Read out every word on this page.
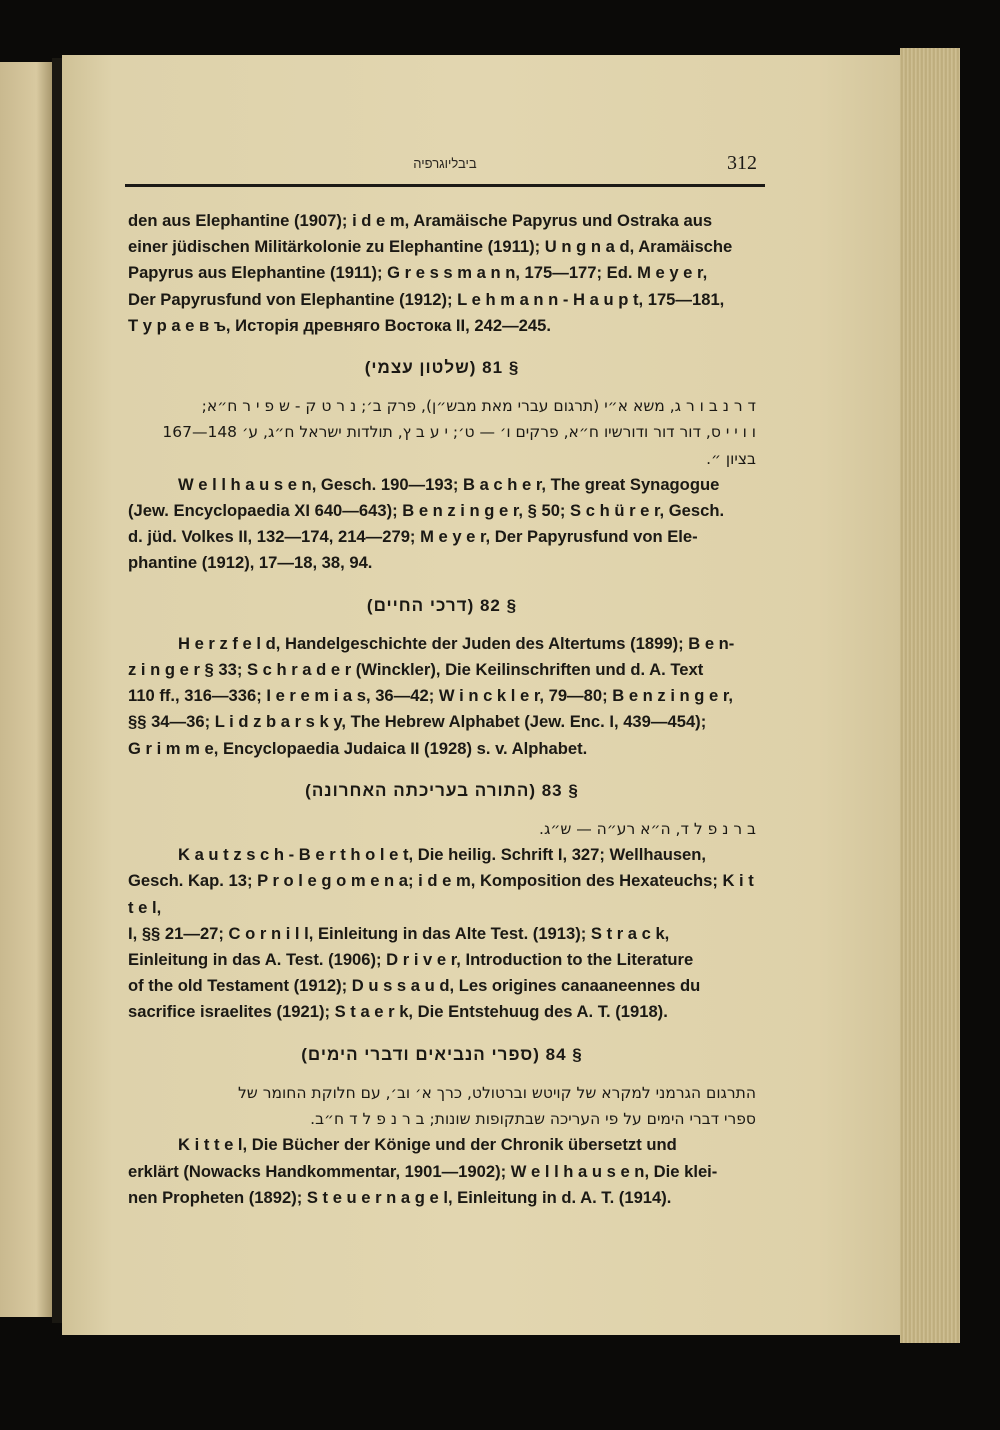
ביבליוגרפיה	312
den aus Elephantine (1907); i d e m, Aramäische Papyrus und Ostraka aus
einer jüdischen Militärkolonie zu Elephantine (1911); U n g n a d, Aramäische
Papyrus aus Elephantine (1911); G r e s s m a n n, 175—177; Ed. M e y e r,
Der Papyrusfund von Elephantine (1912); L e h m a n n - H a u p t, 175—181,
Т у р а е в ъ, Исторія древняго Востока II, 242—245.
§ 81 (שלטון עצמי)
ד ר נ ב ו ר ג, משא א״י (תרגום עברי מאת מבש״ן), פרק ב׳; נ ר ט ק - ש פ י ר ח״א;
ו ו י י ס, דור דור ודורשיו ח״א, פרקים ו׳ — ט׳; י ע ב ץ, תולדות ישראל ח״ג, ע׳ 148—167
בציון ״.
W e l l h a u s e n, Gesch. 190—193; B a c h e r, The great Synagogue
(Jew. Encyclopaedia XI 640—643); B e n z i n g e r, § 50; S c h ü r e r, Gesch.
d. jüd. Volkes II, 132—174, 214—279; M e y e r, Der Papyrusfund von Ele-
phantine (1912), 17—18, 38, 94.
§ 82 (דרכי החיים)
H e r z f e l d, Handelgeschichte der Juden des Altertums (1899); B e n-
z i n g e r § 33; S c h r a d e r (Winckler), Die Keilinschriften und d. A. Text
110 ff., 316—336; I e r e m i a s, 36—42; W i n c k l e r, 79—80; B e n z i n g e r,
§§ 34—36; L i d z b a r s k y, The Hebrew Alphabet (Jew. Enc. I, 439—454);
G r i m m e, Encyclopaedia Judaica II (1928) s. v. Alphabet.
§ 83 (התורה בעריכתה האחרונה)
ב ר נ פ ל ד, ה״א רע״ה — ש״ג.
K a u t z s c h - B e r t h o l e t, Die heilig. Schrift I, 327; Wellhausen,
Gesch. Kap. 13; P r o l e g o m e n a; i d e m, Komposition des Hexateuchs; K i t t e l,
I, §§ 21—27; C o r n i l l, Einleitung in das Alte Test. (1913); S t r a c k,
Einleitung in das A. Test. (1906); D r i v e r, Introduction to the Literature
of the old Testament (1912); D u s s a u d, Les origines canaaneennes du
sacrifice israelites (1921); S t a e r k, Die Entstehuug des A. T. (1918).
§ 84 (ספרי הנביאים ודברי הימים)
התרגום הגרמני למקרא של קויטש וברטולט, כרך א׳ וב׳, עם חלוקת החומר של
ספרי דברי הימים על פי העריכה שבתקופות שונות; ב ר נ פ ל ד ח״ב.
K i t t e l, Die Bücher der Könige und der Chronik übersetzt und
erklärt (Nowacks Handkommentar, 1901—1902); W e l l h a u s e n, Die klei-
nen Propheten (1892); S t e u e r n a g e l, Einleitung in d. A. T. (1914).
